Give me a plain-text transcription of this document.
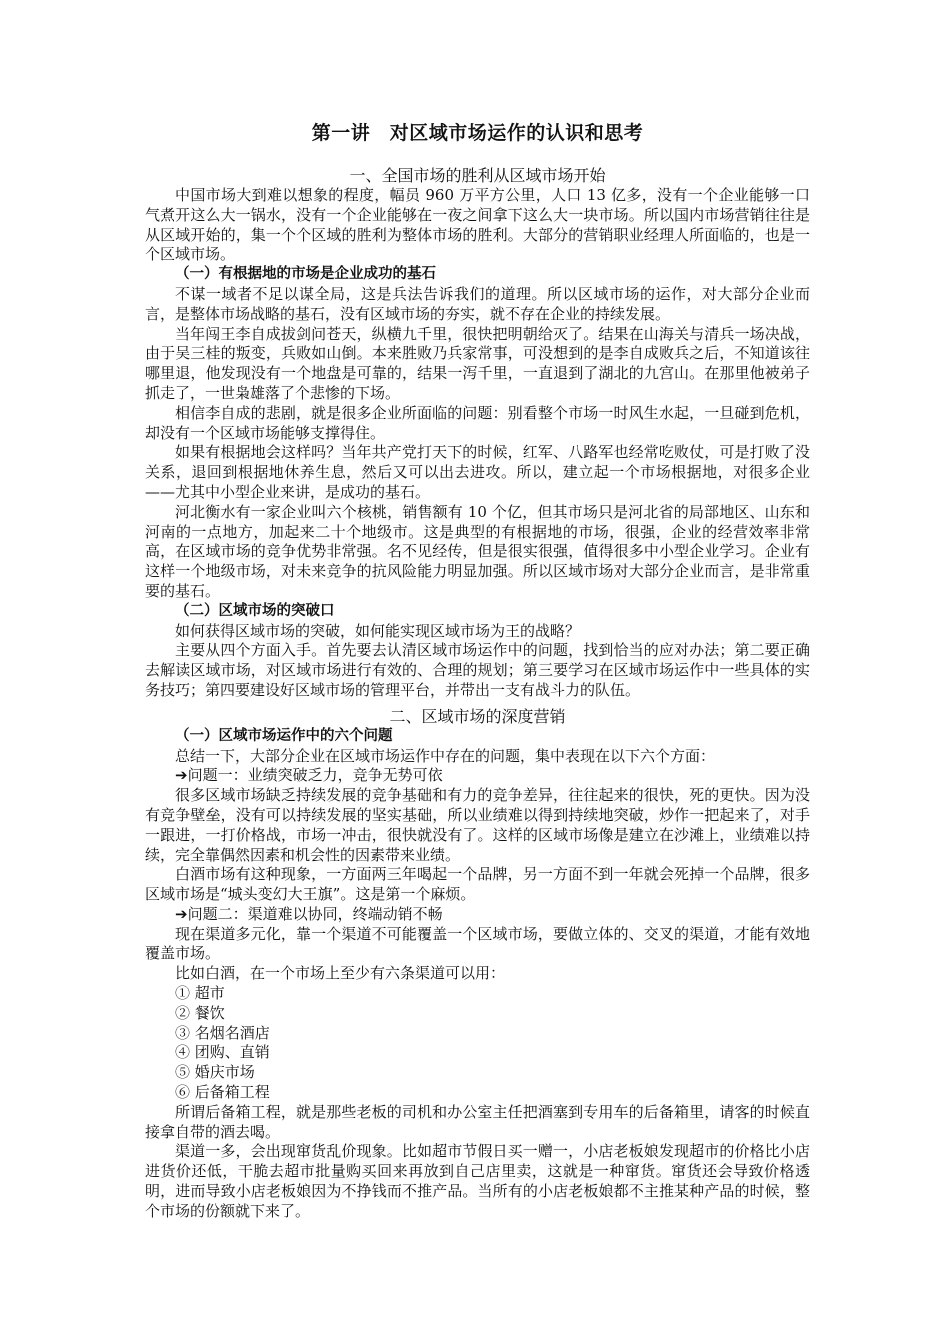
第一讲　对区域市场运作的认识和思考
一、全国市场的胜利从区域市场开始

中国市场大到难以想象的程度，幅员 960 万平方公里，人口 13 亿多，没有一个企业能够一口气煮开这么大一锅水，没有一个企业能够在一夜之间拿下这么大一块市场。所以国内市场营销往往是从区域开始的，集一个个区域的胜利为整体市场的胜利。大部分的营销职业经理人所面临的，也是一个区域市场。

（一）有根据地的市场是企业成功的基石

不谋一域者不足以谋全局，这是兵法告诉我们的道理。所以区域市场的运作，对大部分企业而言，是整体市场战略的基石，没有区域市场的夯实，就不存在企业的持续发展。

当年闯王李自成拔剑问苍天，纵横九千里，很快把明朝给灭了。结果在山海关与清兵一场决战，由于吴三桂的叛变，兵败如山倒。本来胜败乃兵家常事，可没想到的是李自成败兵之后，不知道该往哪里退，他发现没有一个地盘是可靠的，结果一泻千里，一直退到了湖北的九宫山。在那里他被弟子抓走了，一世枭雄落了个悲惨的下场。

相信李自成的悲剧，就是很多企业所面临的问题：别看整个市场一时风生水起，一旦碰到危机，却没有一个区域市场能够支撑得住。

如果有根据地会这样吗？当年共产党打天下的时候，红军、八路军也经常吃败仗，可是打败了没关系，退回到根据地休养生息，然后又可以出去进攻。所以，建立起一个市场根据地，对很多企业——尤其中小型企业来讲，是成功的基石。

河北衡水有一家企业叫六个核桃，销售额有 10 个亿，但其市场只是河北省的局部地区、山东和河南的一点地方，加起来二十个地级市。这是典型的有根据地的市场，很强，企业的经营效率非常高，在区域市场的竞争优势非常强。名不见经传，但是很实很强，值得很多中小型企业学习。企业有这样一个地级市场，对未来竞争的抗风险能力明显加强。所以区域市场对大部分企业而言，是非常重要的基石。

（二）区域市场的突破口

如何获得区域市场的突破，如何能实现区域市场为王的战略？

主要从四个方面入手。首先要去认清区域市场运作中的问题，找到恰当的应对办法；第二要正确去解读区域市场，对区域市场进行有效的、合理的规划；第三要学习在区域市场运作中一些具体的实务技巧；第四要建设好区域市场的管理平台，并带出一支有战斗力的队伍。

二、区域市场的深度营销
（一）区域市场运作中的六个问题

总结一下，大部分企业在区域市场运作中存在的问题，集中表现在以下六个方面：

➔问题一：业绩突破乏力，竞争无势可依

很多区域市场缺乏持续发展的竞争基础和有力的竞争差异，往往起来的很快，死的更快。因为没有竞争壁垒，没有可以持续发展的坚实基础，所以业绩难以得到持续地突破，炒作一把起来了，对手一跟进，一打价格战，市场一冲击，很快就没有了。这样的区域市场像是建立在沙滩上，业绩难以持续，完全靠偶然因素和机会性的因素带来业绩。

白酒市场有这种现象，一方面两三年喝起一个品牌，另一方面不到一年就会死掉一个品牌，很多区域市场是“城头变幻大王旗”。这是第一个麻烦。

➔问题二：渠道难以协同，终端动销不畅

现在渠道多元化，靠一个渠道不可能覆盖一个区域市场，要做立体的、交叉的渠道，才能有效地覆盖市场。

比如白酒，在一个市场上至少有六条渠道可以用：

① 超市
② 餐饮
③ 名烟名酒店
④ 团购、直销
⑤ 婚庆市场
⑥ 后备箱工程

所谓后备箱工程，就是那些老板的司机和办公室主任把酒塞到专用车的后备箱里，请客的时候直接拿自带的酒去喝。

渠道一多，会出现窜货乱价现象。比如超市节假日买一赠一，小店老板娘发现超市的价格比小店进货价还低，干脆去超市批量购买回来再放到自己店里卖，这就是一种窜货。窜货还会导致价格透明，进而导致小店老板娘因为不挣钱而不推产品。当所有的小店老板娘都不主推某种产品的时候，整个市场的份额就下来了。
